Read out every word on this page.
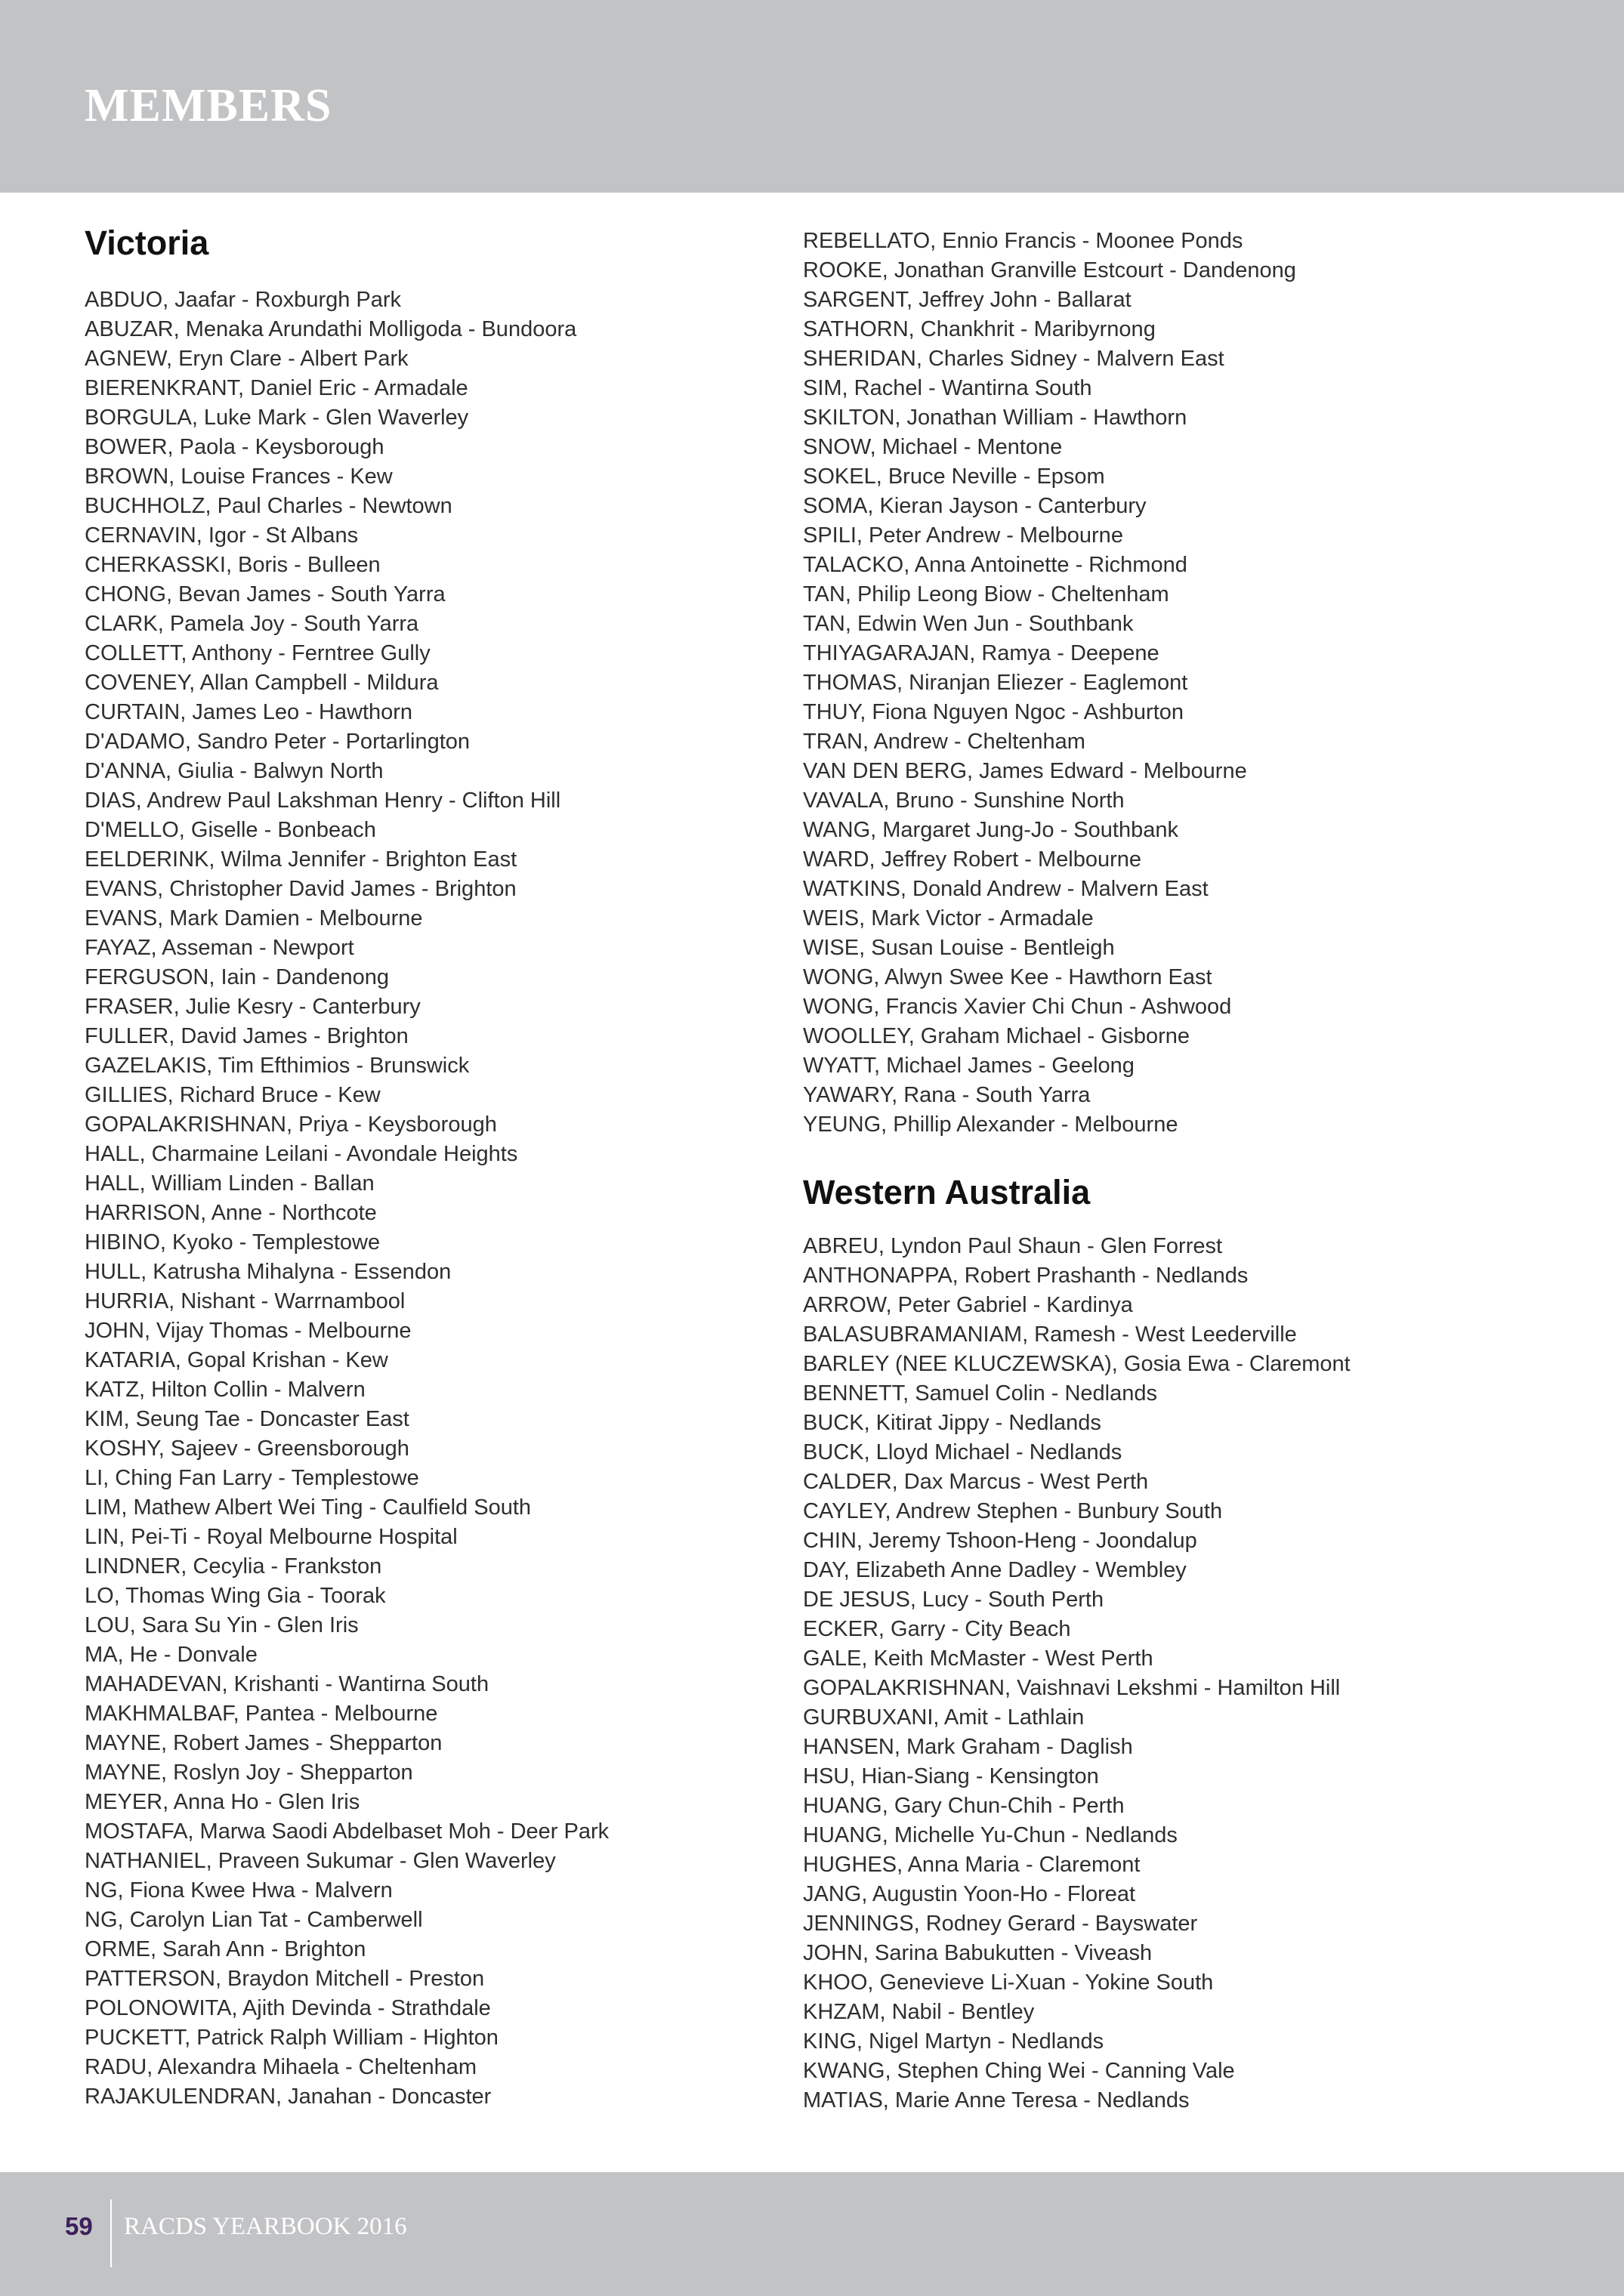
MEMBERS
Victoria
ABDUO, Jaafar - Roxburgh Park
ABUZAR, Menaka Arundathi Molligoda - Bundoora
AGNEW, Eryn Clare - Albert Park
BIERENKRANT, Daniel Eric - Armadale
BORGULA, Luke Mark - Glen Waverley
BOWER, Paola - Keysborough
BROWN, Louise Frances - Kew
BUCHHOLZ, Paul Charles - Newtown
CERNAVIN, Igor - St Albans
CHERKASSKI, Boris - Bulleen
CHONG, Bevan James - South Yarra
CLARK, Pamela Joy - South Yarra
COLLETT, Anthony - Ferntree Gully
COVENEY, Allan Campbell - Mildura
CURTAIN, James Leo - Hawthorn
D'ADAMO, Sandro Peter - Portarlington
D'ANNA, Giulia - Balwyn North
DIAS, Andrew Paul Lakshman Henry - Clifton Hill
D'MELLO, Giselle - Bonbeach
EELDERINK, Wilma Jennifer - Brighton East
EVANS, Christopher David James - Brighton
EVANS, Mark Damien - Melbourne
FAYAZ, Asseman - Newport
FERGUSON, Iain - Dandenong
FRASER, Julie Kesry - Canterbury
FULLER, David James - Brighton
GAZELAKIS, Tim Efthimios - Brunswick
GILLIES, Richard Bruce - Kew
GOPALAKRISHNAN, Priya - Keysborough
HALL, Charmaine Leilani - Avondale Heights
HALL, William Linden - Ballan
HARRISON, Anne - Northcote
HIBINO, Kyoko - Templestowe
HULL, Katrusha Mihalyna - Essendon
HURRIA, Nishant - Warrnambool
JOHN, Vijay Thomas - Melbourne
KATARIA, Gopal Krishan - Kew
KATZ, Hilton Collin - Malvern
KIM, Seung Tae - Doncaster East
KOSHY, Sajeev - Greensborough
LI, Ching Fan Larry - Templestowe
LIM, Mathew Albert Wei Ting - Caulfield South
LIN, Pei-Ti - Royal Melbourne Hospital
LINDNER, Cecylia - Frankston
LO, Thomas Wing Gia - Toorak
LOU, Sara Su Yin - Glen Iris
MA, He - Donvale
MAHADEVAN, Krishanti - Wantirna South
MAKHMALBAF, Pantea - Melbourne
MAYNE, Robert James - Shepparton
MAYNE, Roslyn Joy - Shepparton
MEYER, Anna Ho - Glen Iris
MOSTAFA, Marwa Saodi Abdelbaset Moh - Deer Park
NATHANIEL, Praveen Sukumar - Glen Waverley
NG, Fiona Kwee Hwa - Malvern
NG, Carolyn Lian Tat - Camberwell
ORME, Sarah Ann - Brighton
PATTERSON, Braydon Mitchell - Preston
POLONOWITA, Ajith Devinda - Strathdale
PUCKETT, Patrick Ralph William - Highton
RADU, Alexandra Mihaela - Cheltenham
RAJAKULENDRAN, Janahan - Doncaster
REBELLATO, Ennio Francis - Moonee Ponds
ROOKE, Jonathan Granville Estcourt - Dandenong
SARGENT, Jeffrey John - Ballarat
SATHORN, Chankhrit - Maribyrnong
SHERIDAN, Charles Sidney - Malvern East
SIM, Rachel - Wantirna South
SKILTON, Jonathan William - Hawthorn
SNOW, Michael - Mentone
SOKEL, Bruce Neville - Epsom
SOMA, Kieran Jayson - Canterbury
SPILI, Peter Andrew - Melbourne
TALACKO, Anna Antoinette - Richmond
TAN, Philip Leong Biow - Cheltenham
TAN, Edwin Wen Jun - Southbank
THIYAGARAJAN, Ramya - Deepene
THOMAS, Niranjan Eliezer - Eaglemont
THUY, Fiona Nguyen Ngoc - Ashburton
TRAN, Andrew - Cheltenham
VAN DEN BERG, James Edward - Melbourne
VAVALA, Bruno - Sunshine North
WANG, Margaret Jung-Jo - Southbank
WARD, Jeffrey Robert - Melbourne
WATKINS, Donald Andrew - Malvern East
WEIS, Mark Victor - Armadale
WISE, Susan Louise - Bentleigh
WONG, Alwyn Swee Kee - Hawthorn East
WONG, Francis Xavier Chi Chun - Ashwood
WOOLLEY, Graham Michael - Gisborne
WYATT, Michael James - Geelong
YAWARY, Rana - South Yarra
YEUNG, Phillip Alexander - Melbourne
Western Australia
ABREU, Lyndon Paul Shaun - Glen Forrest
ANTHONAPPA, Robert Prashanth - Nedlands
ARROW, Peter Gabriel - Kardinya
BALASUBRAMANIAM, Ramesh - West Leederville
BARLEY (NEE KLUCZEWSKA), Gosia Ewa - Claremont
BENNETT, Samuel Colin - Nedlands
BUCK, Kitirat Jippy - Nedlands
BUCK, Lloyd Michael - Nedlands
CALDER, Dax Marcus - West Perth
CAYLEY, Andrew Stephen - Bunbury South
CHIN, Jeremy Tshoon-Heng - Joondalup
DAY, Elizabeth Anne Dadley - Wembley
DE JESUS, Lucy - South Perth
ECKER, Garry - City Beach
GALE, Keith McMaster - West Perth
GOPALAKRISHNAN, Vaishnavi Lekshmi - Hamilton Hill
GURBUXANI, Amit - Lathlain
HANSEN, Mark Graham - Daglish
HSU, Hian-Siang - Kensington
HUANG, Gary Chun-Chih - Perth
HUANG, Michelle Yu-Chun - Nedlands
HUGHES, Anna Maria - Claremont
JANG, Augustin Yoon-Ho - Floreat
JENNINGS, Rodney Gerard - Bayswater
JOHN, Sarina Babukutten - Viveash
KHOO, Genevieve Li-Xuan - Yokine South
KHZAM, Nabil - Bentley
KING, Nigel Martyn - Nedlands
KWANG, Stephen Ching Wei - Canning Vale
MATIAS, Marie Anne Teresa - Nedlands
59 RACDS YEARBOOK 2016
